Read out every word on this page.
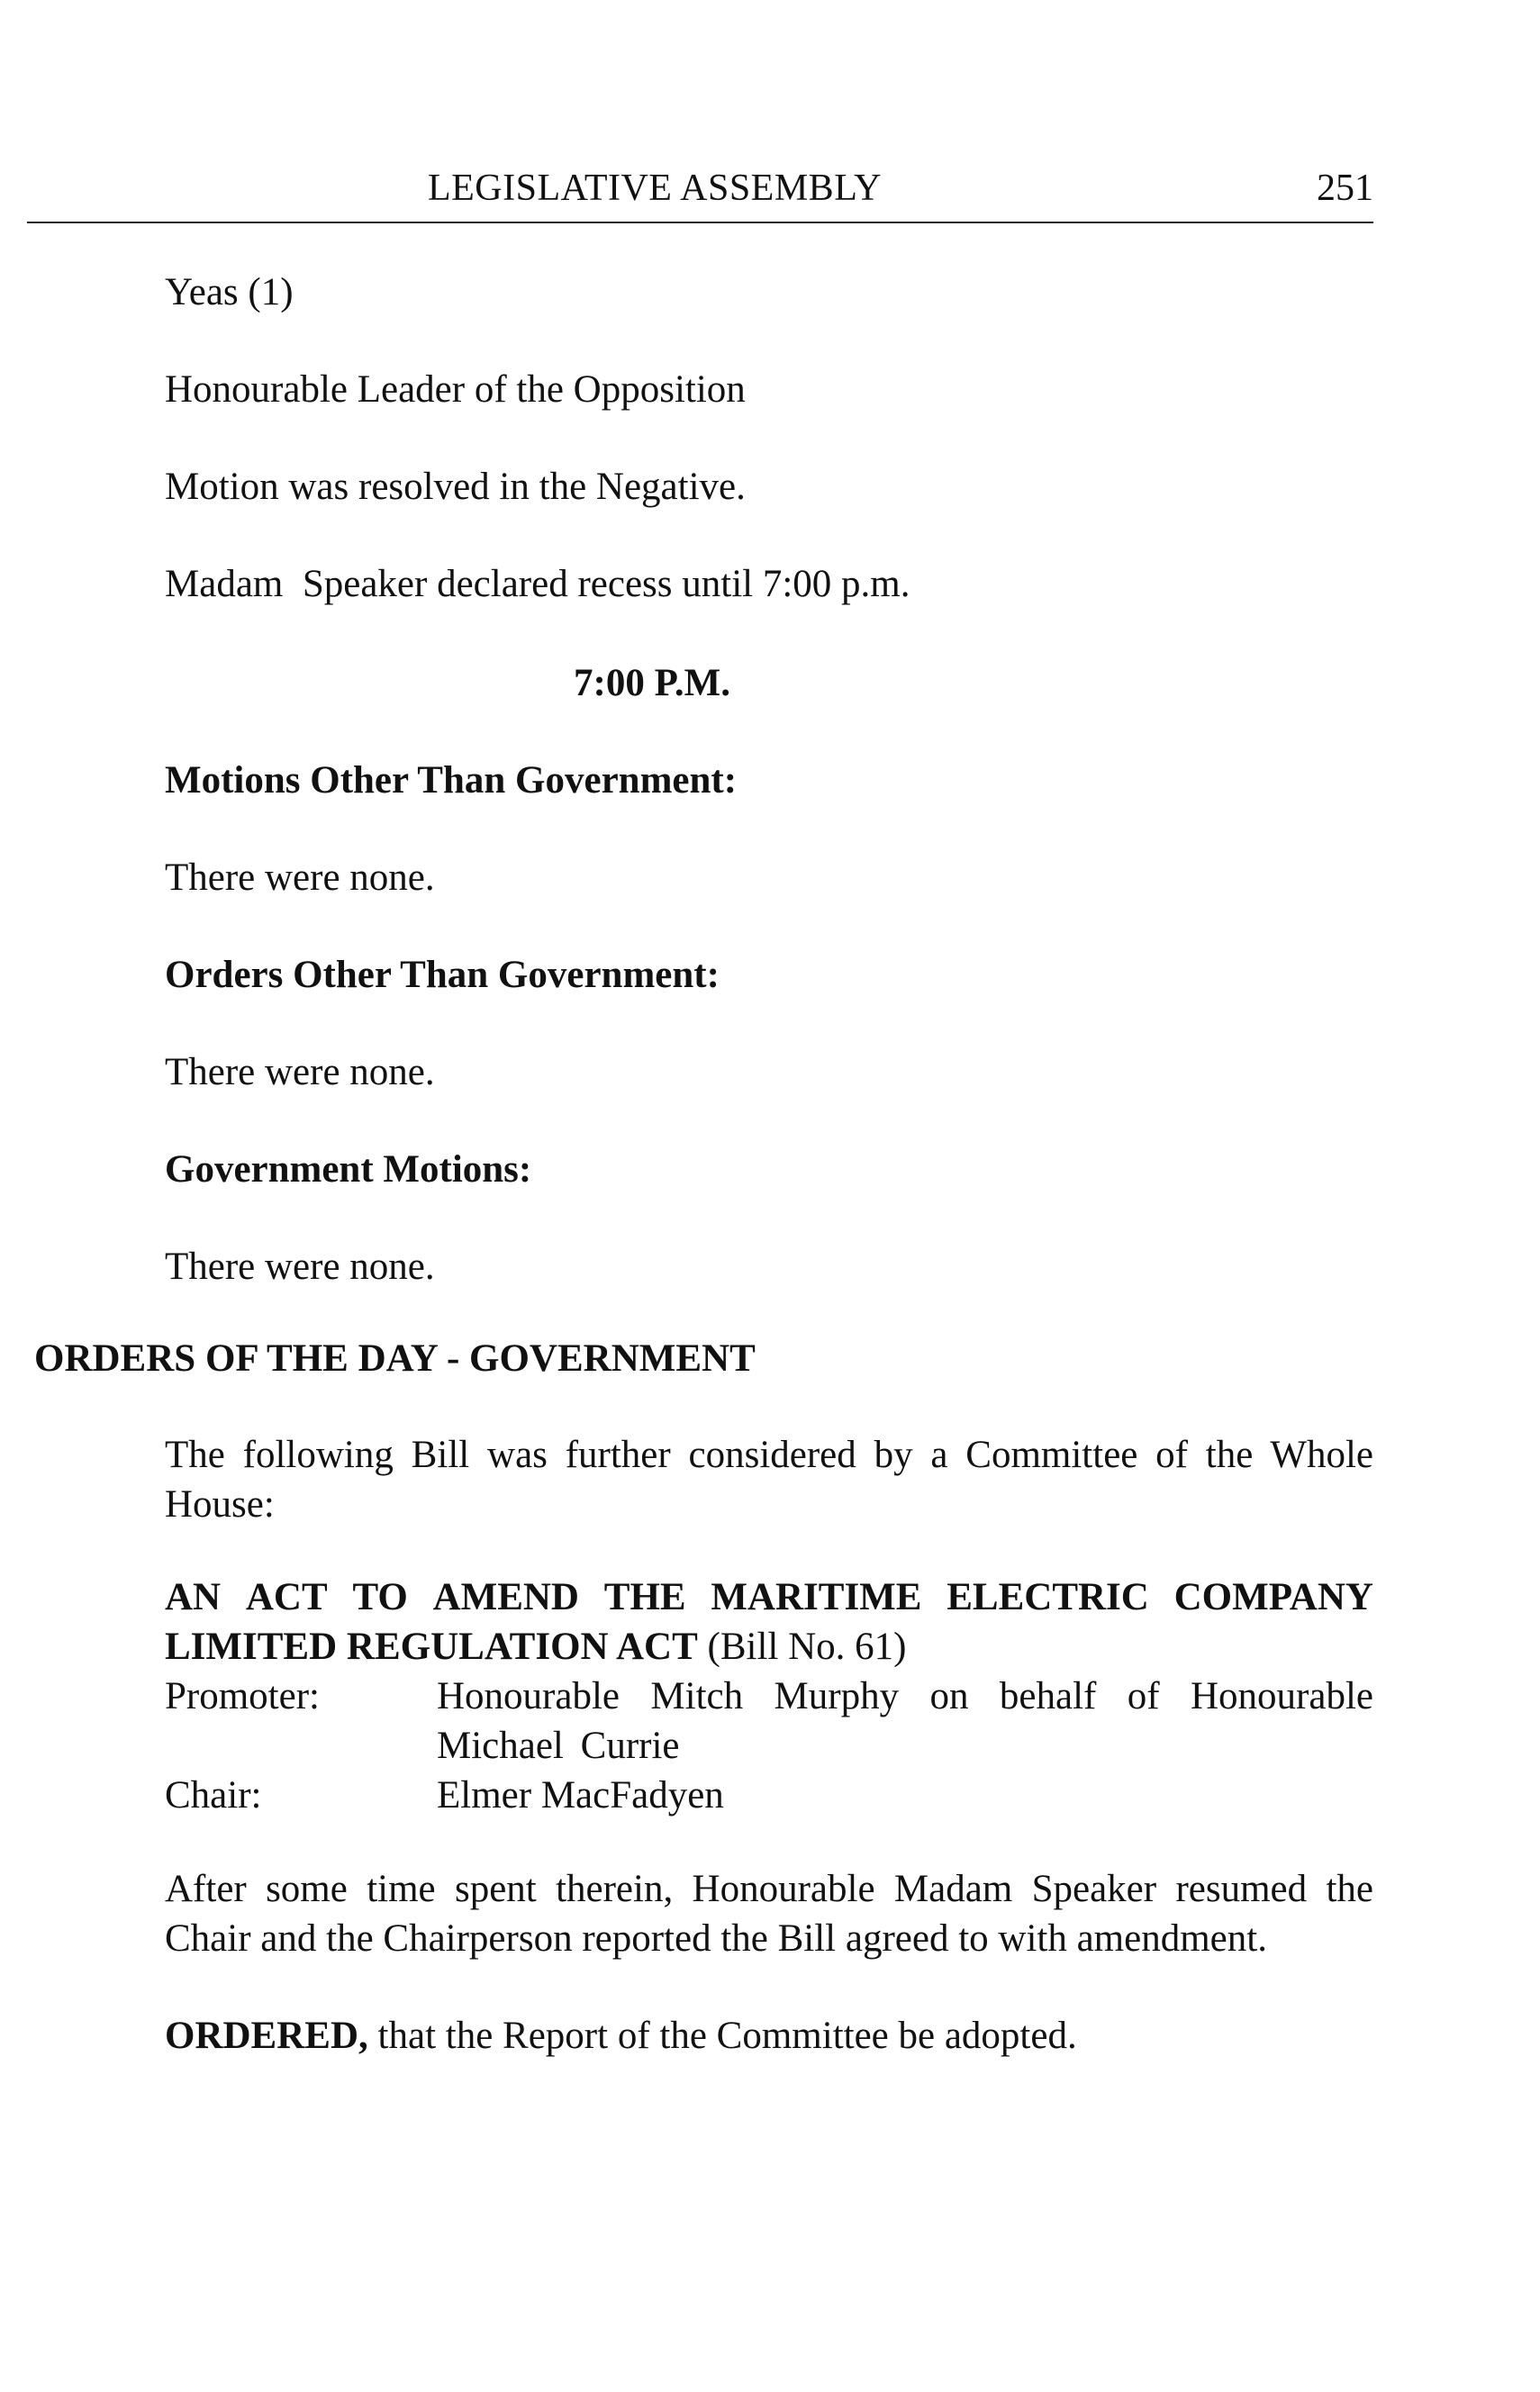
LEGISLATIVE ASSEMBLY	251
Yeas (1)
Honourable Leader of the Opposition
Motion was resolved in the Negative.
Madam  Speaker declared recess until 7:00 p.m.
7:00 P.M.
Motions Other Than Government:
There were none.
Orders Other Than Government:
There were none.
Government Motions:
There were none.
ORDERS OF THE DAY - GOVERNMENT
The following Bill was further considered by a Committee of the Whole House:
AN ACT TO AMEND THE MARITIME ELECTRIC COMPANY
LIMITED REGULATION ACT (Bill No. 61)
Promoter:	Honourable Mitch Murphy on behalf of Honourable Michael Currie
Chair:	Elmer MacFadyen
After some time spent therein, Honourable Madam Speaker resumed the Chair and the Chairperson reported the Bill agreed to with amendment.
ORDERED, that the Report of the Committee be adopted.
